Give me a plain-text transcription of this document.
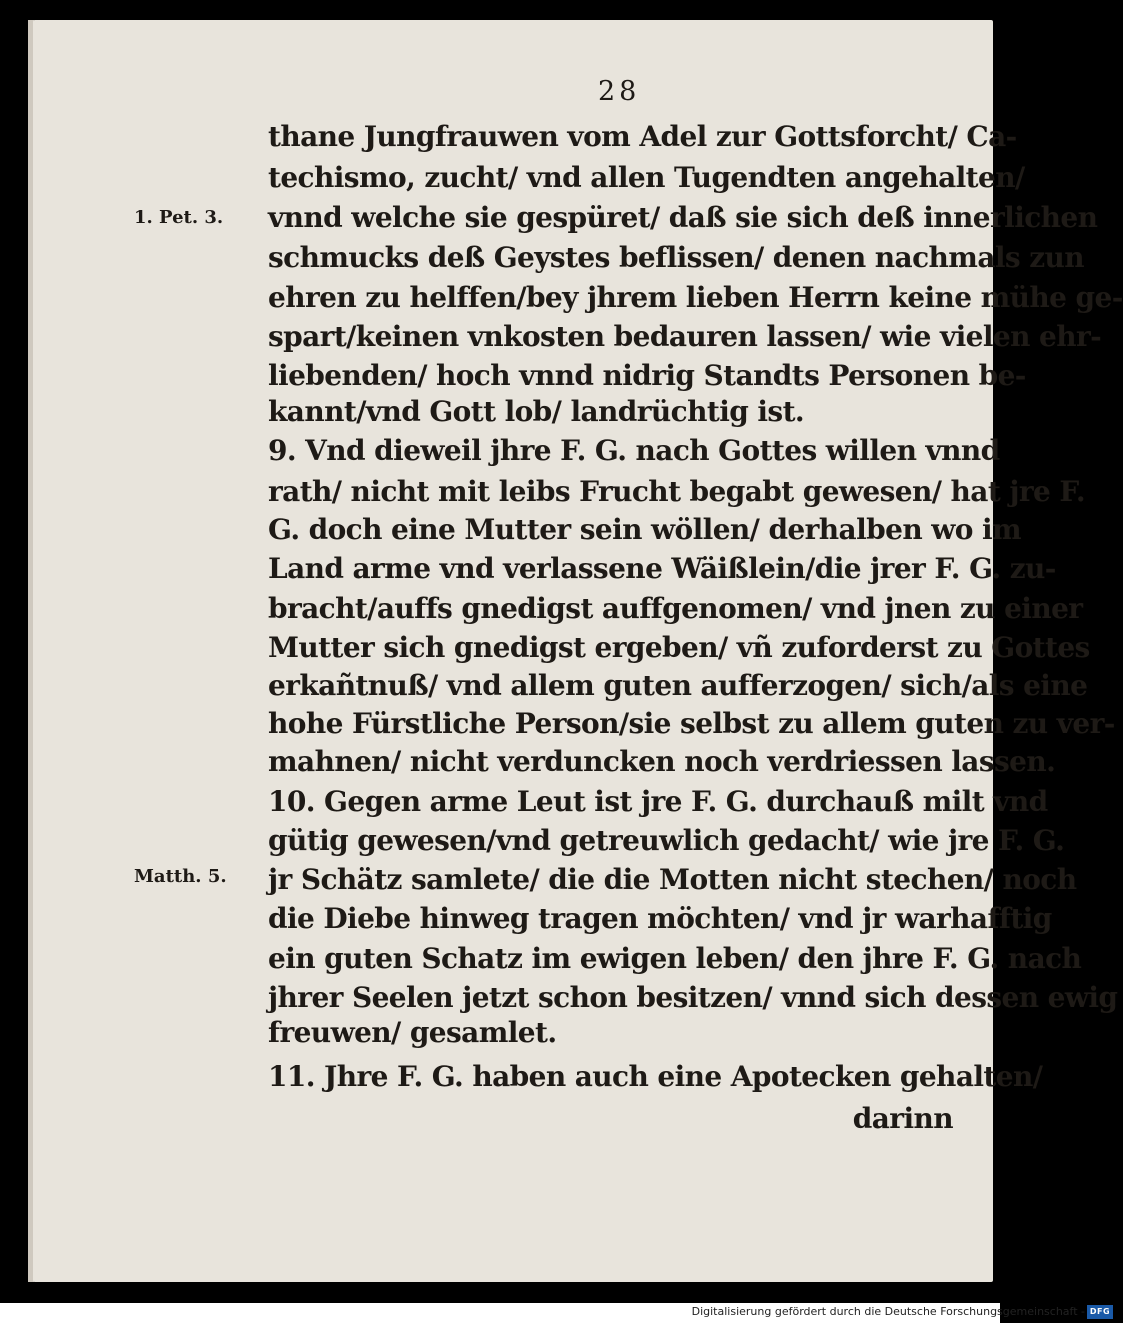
28
1. Pet. 3.
Matth. 5.
thane Jungfrauwen vom Adel zur Gottsforcht/ Ca-
techismo, zucht/ vnd allen Tugendten angehalten/
vnnd welche sie gespüret/ daß sie sich deß innerlichen
schmucks deß Geystes beflissen/ denen nachmals zun
ehren zu helffen/bey jhrem lieben Herrn keine mühe ge-
spart/keinen vnkosten bedauren lassen/ wie vielen ehr-
liebenden/ hoch vnnd nidrig Standts Personen be-
kannt/vnd Gott lob/ landrüchtig ist.
9. Vnd dieweil jhre F. G. nach Gottes willen vnnd
rath/ nicht mit leibs Frucht begabt gewesen/ hat jre F.
G. doch eine Mutter sein wöllen/ derhalben wo im
Land arme vnd verlassene Wäißlein/die jrer F. G. zu-
bracht/auffs gnedigst auffgenomen/ vnd jnen zu einer
Mutter sich gnedigst ergeben/ vñ zuforderst zu Gottes
erkañtnuß/ vnd allem guten aufferzogen/ sich/als eine
hohe Fürstliche Person/sie selbst zu allem guten zu ver-
mahnen/ nicht verduncken noch verdriessen lassen.
10. Gegen arme Leut ist jre F. G. durchauß milt vnd
gütig gewesen/vnd getreuwlich gedacht/ wie jre F. G.
jr Schätz samlete/ die die Motten nicht stechen/ noch
die Diebe hinweg tragen möchten/ vnd jr warhafftig
ein guten Schatz im ewigen leben/ den jhre F. G. nach
jhrer Seelen jetzt schon besitzen/ vnnd sich dessen ewig
freuwen/ gesamlet.
11. Jhre F. G. haben auch eine Apotecken gehalten/
darinn
Digitalisierung gefördert durch die Deutsche Forschungsgemeinschaft - DFG
